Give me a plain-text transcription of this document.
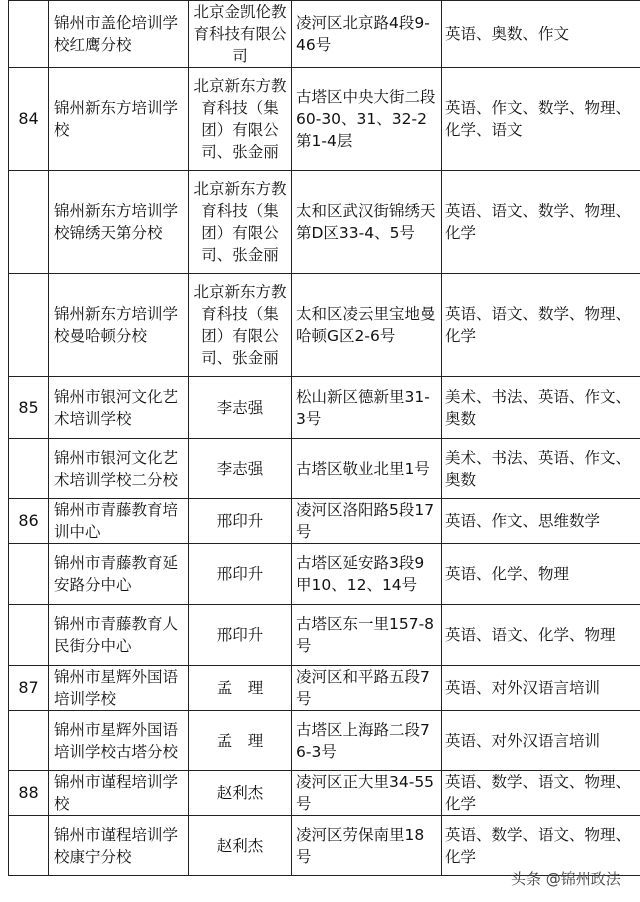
	锦州市盖伦培训学校红鹰分校	北京金凯伦教育科技有限公司	凌河区北京路4段9-46号	英语、奥数、作文
84	锦州新东方培训学校	北京新东方教育科技（集团）有限公司、张金丽	古塔区中央大街二段60-30、31、32-2第1-4层	英语、作文、数学、物理、化学、语文
	锦州新东方培训学校锦绣天第分校	北京新东方教育科技（集团）有限公司、张金丽	太和区武汉街锦绣天第D区33-4、5号	英语、语文、数学、物理、化学
	锦州新东方培训学校曼哈顿分校	北京新东方教育科技（集团）有限公司、张金丽	太和区凌云里宝地曼哈顿G区2-6号	英语、语文、数学、物理、化学
85	锦州市银河文化艺术培训学校	李志强	松山新区德新里31-3号	美术、书法、英语、作文、奥数
	锦州市银河文化艺术培训学校二分校	李志强	古塔区敬业北里1号	美术、书法、英语、作文、奥数
86	锦州市青藤教育培训中心	邢印升	凌河区洛阳路5段17号	英语、作文、思维数学
	锦州市青藤教育延安路分中心	邢印升	古塔区延安路3段9甲10、12、14号	英语、化学、物理
	锦州市青藤教育人民街分中心	邢印升	古塔区东一里157-8号	英语、语文、化学、物理
87	锦州市星辉外国语培训学校	孟　理	凌河区和平路五段7号	英语、对外汉语言培训
	锦州市星辉外国语培训学校古塔分校	孟　理	古塔区上海路二段76-3号	英语、对外汉语言培训
88	锦州市谨程培训学校	赵利杰	凌河区正大里34-55号	英语、数学、语文、物理、化学
	锦州市谨程培训学校康宁分校	赵利杰	凌河区劳保南里18号	英语、数学、语文、物理、化学
头条 @锦州政法
